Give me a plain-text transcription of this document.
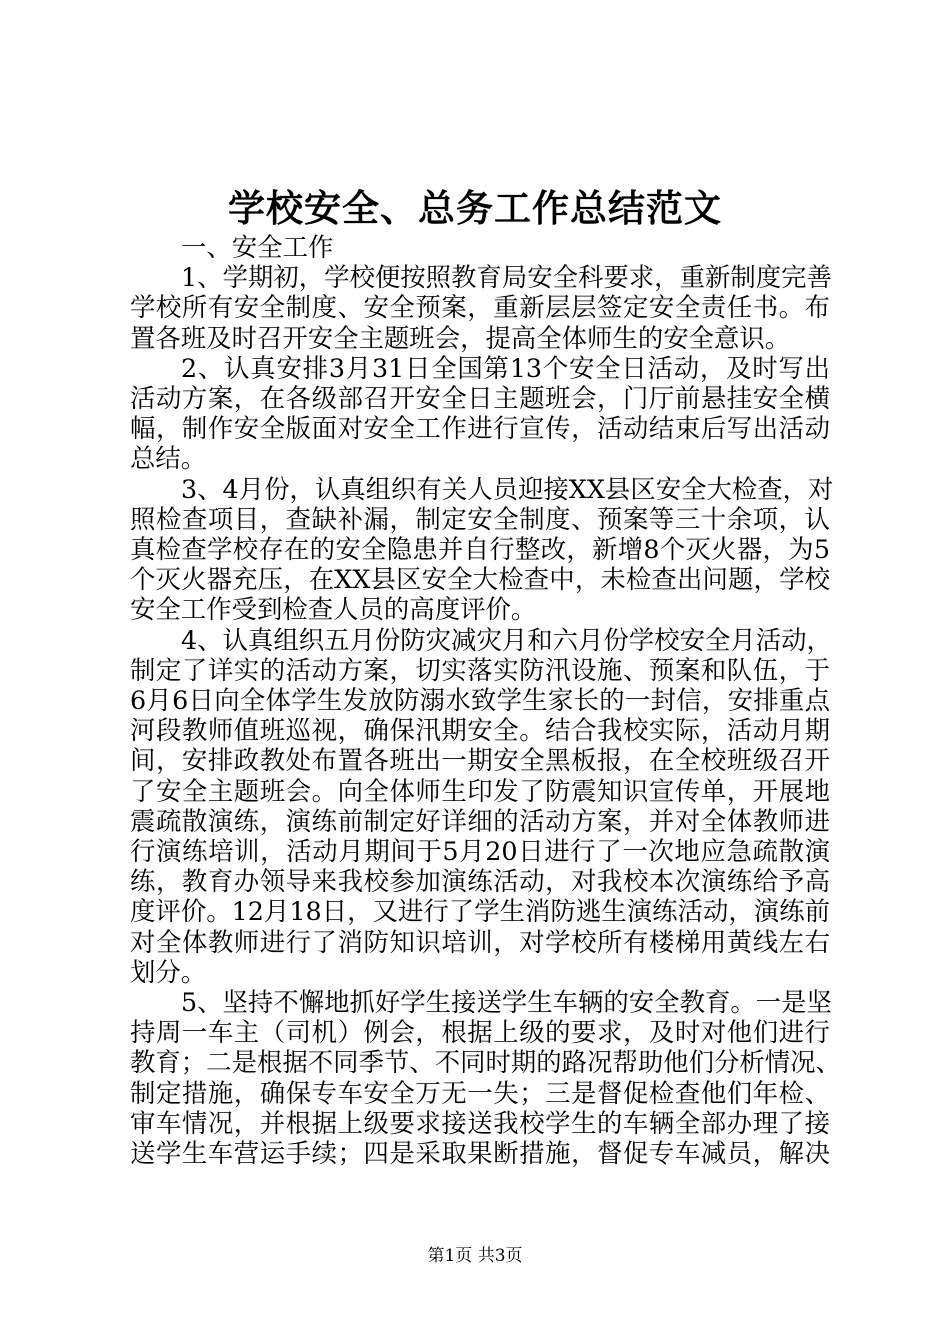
学校安全、总务工作总结范文
一、安全工作
1、学期初，学校便按照教育局安全科要求，重新制度完善
学校所有安全制度、安全预案，重新层层签定安全责任书。布
置各班及时召开安全主题班会，提高全体师生的安全意识。
2、认真安排3月31日全国第13个安全日活动，及时写出
活动方案，在各级部召开安全日主题班会，门厅前悬挂安全横
幅，制作安全版面对安全工作进行宣传，活动结束后写出活动
总结。
3、4月份，认真组织有关人员迎接XX县区安全大检查，对
照检查项目，查缺补漏，制定安全制度、预案等三十余项，认
真检查学校存在的安全隐患并自行整改，新增8个灭火器，为5
个灭火器充压，在XX县区安全大检查中，未检查出问题，学校
安全工作受到检查人员的高度评价。
4、认真组织五月份防灾减灾月和六月份学校安全月活动，
制定了详实的活动方案，切实落实防汛设施、预案和队伍，于
6月6日向全体学生发放防溺水致学生家长的一封信，安排重点
河段教师值班巡视，确保汛期安全。结合我校实际，活动月期
间，安排政教处布置各班出一期安全黑板报，在全校班级召开
了安全主题班会。向全体师生印发了防震知识宣传单，开展地
震疏散演练，演练前制定好详细的活动方案，并对全体教师进
行演练培训，活动月期间于5月20日进行了一次地应急疏散演
练，教育办领导来我校参加演练活动，对我校本次演练给予高
度评价。12月18日，又进行了学生消防逃生演练活动，演练前
对全体教师进行了消防知识培训，对学校所有楼梯用黄线左右
划分。
5、坚持不懈地抓好学生接送学生车辆的安全教育。一是坚
持周一车主（司机）例会，根据上级的要求，及时对他们进行
教育；二是根据不同季节、不同时期的路况帮助他们分析情况、
制定措施，确保专车安全万无一失；三是督促检查他们年检、
审车情况，并根据上级要求接送我校学生的车辆全部办理了接
送学生车营运手续；四是采取果断措施，督促专车减员，解决
第1页 共3页
